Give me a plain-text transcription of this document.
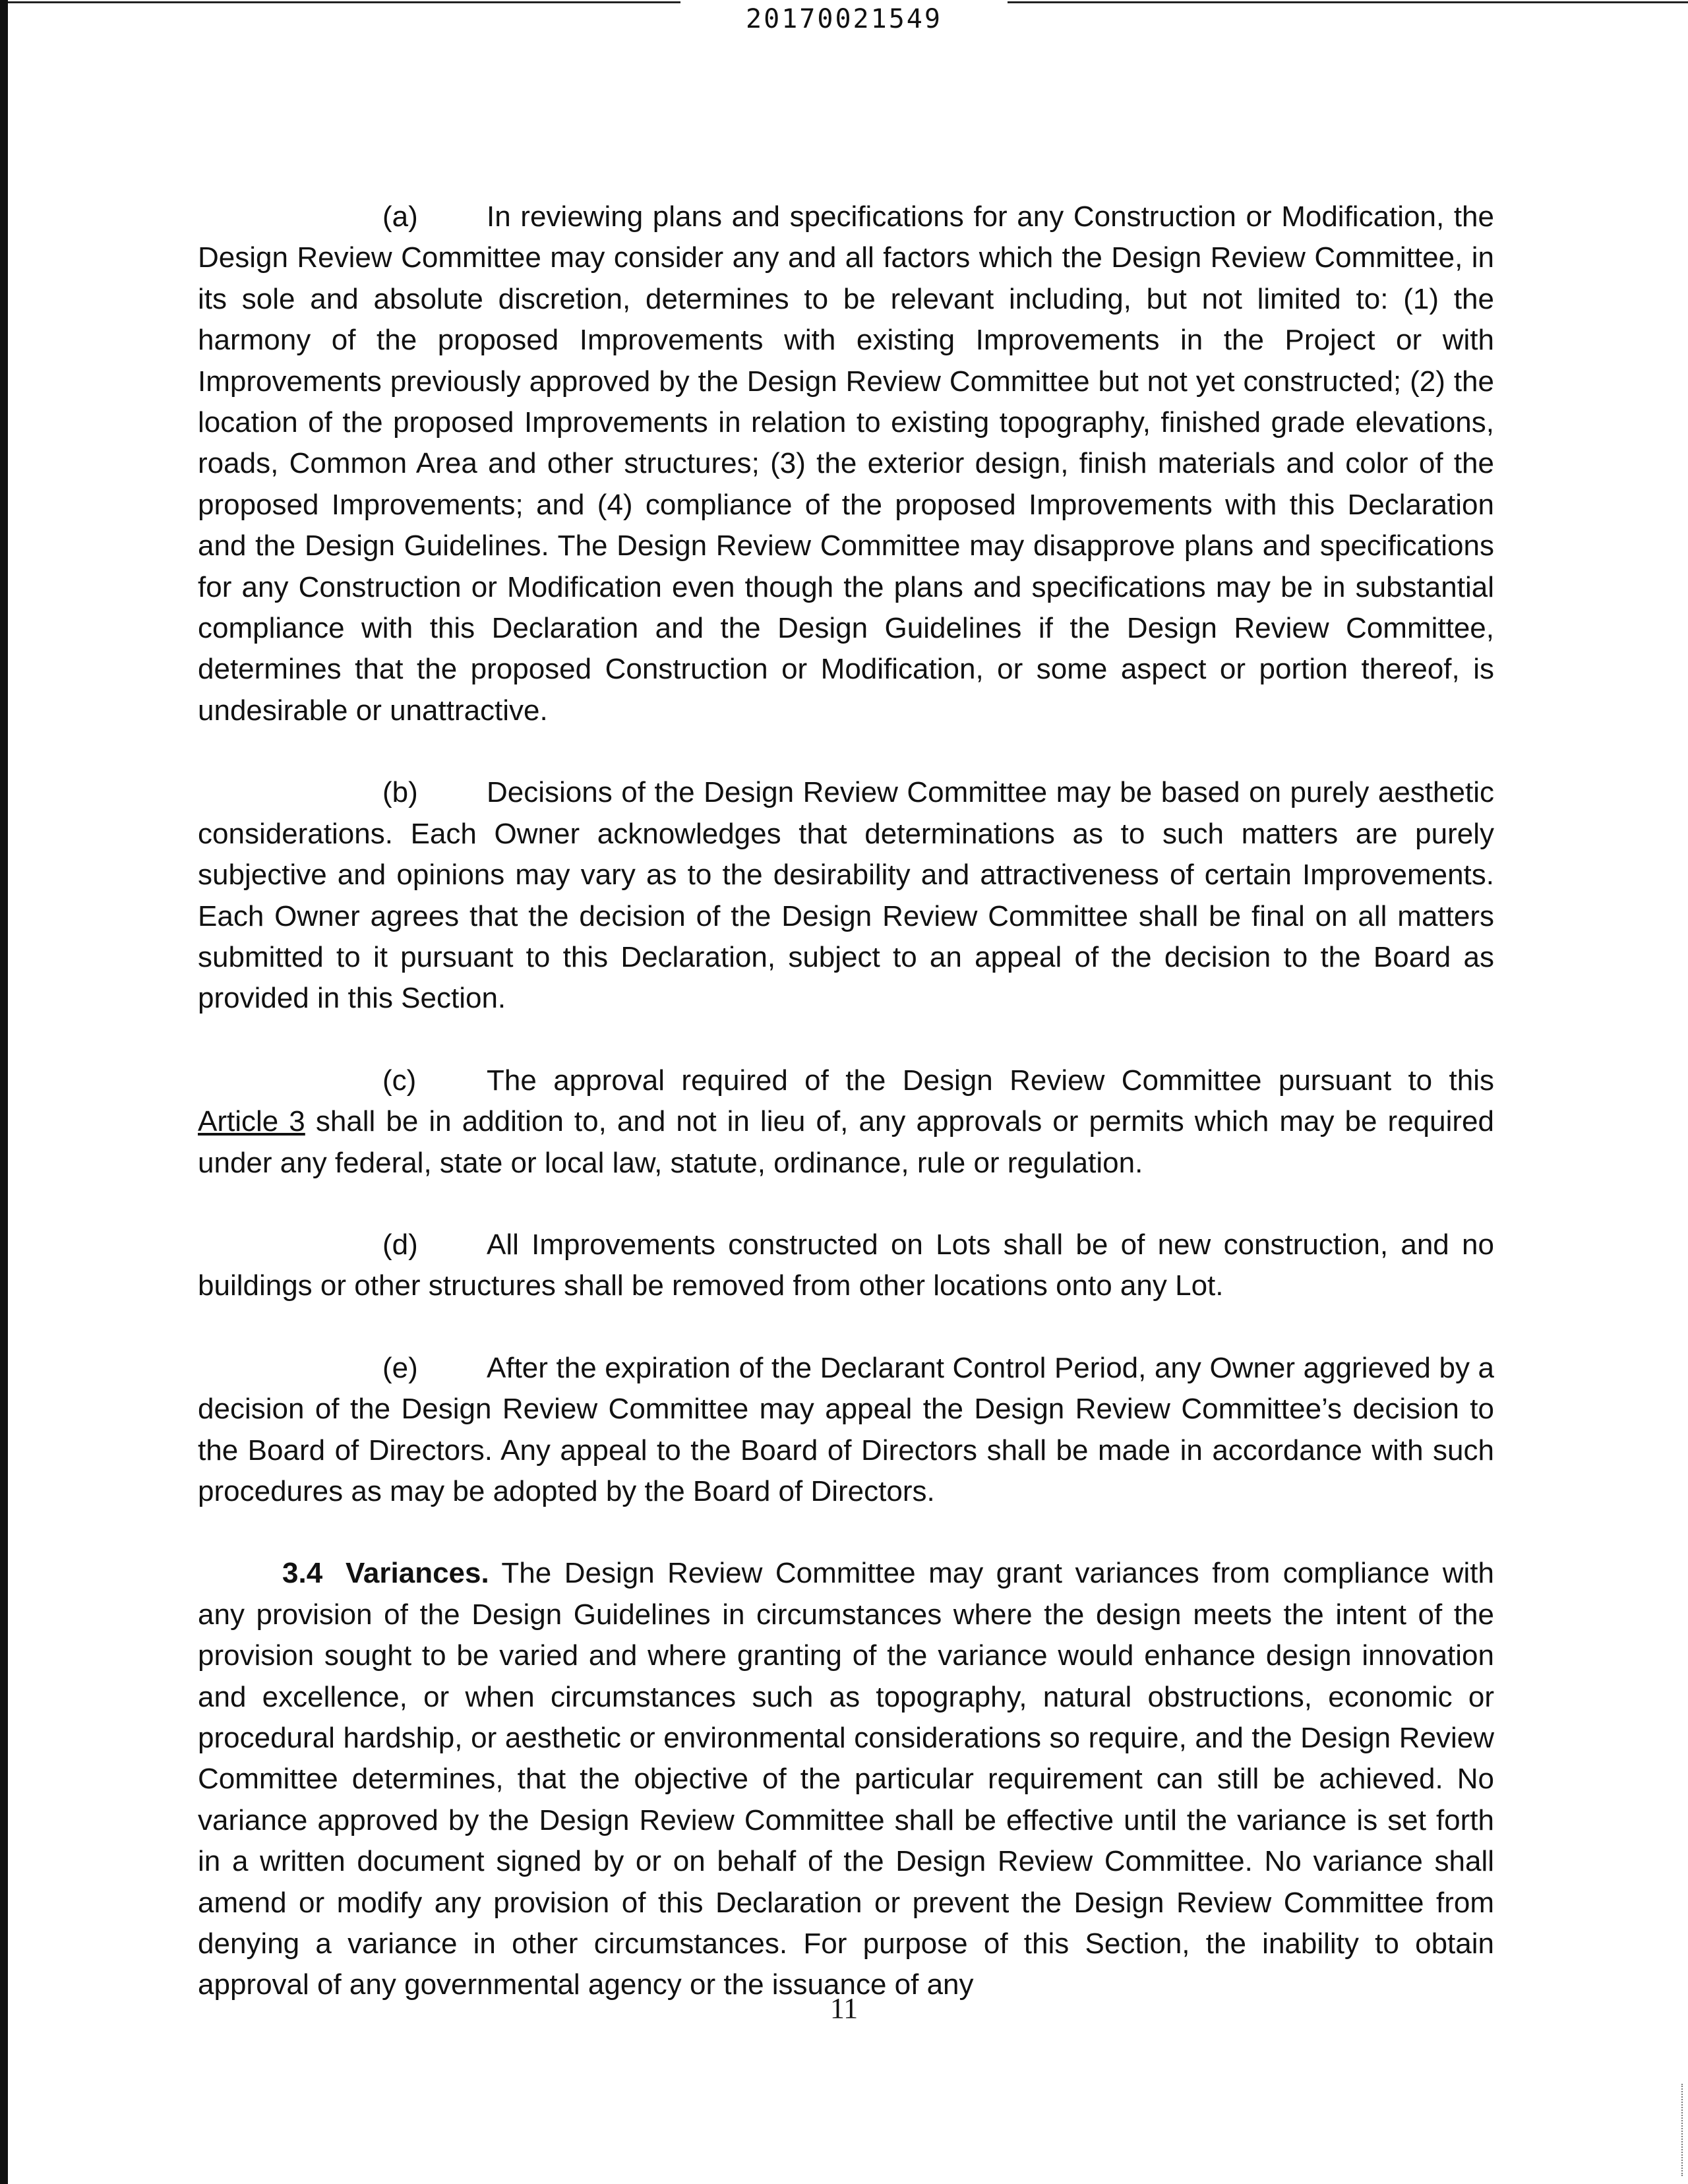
20170021549

(a) In reviewing plans and specifications for any Construction or Modification, the Design Review Committee may consider any and all factors which the Design Review Committee, in its sole and absolute discretion, determines to be relevant including, but not limited to: (1) the harmony of the proposed Improvements with existing Improvements in the Project or with Improvements previously approved by the Design Review Committee but not yet constructed; (2) the location of the proposed Improvements in relation to existing topography, finished grade elevations, roads, Common Area and other structures; (3) the exterior design, finish materials and color of the proposed Improvements; and (4) compliance of the proposed Improvements with this Declaration and the Design Guidelines. The Design Review Committee may disapprove plans and specifications for any Construction or Modification even though the plans and specifications may be in substantial compliance with this Declaration and the Design Guidelines if the Design Review Committee, determines that the proposed Construction or Modification, or some aspect or portion thereof, is undesirable or unattractive.

(b) Decisions of the Design Review Committee may be based on purely aesthetic considerations. Each Owner acknowledges that determinations as to such matters are purely subjective and opinions may vary as to the desirability and attractiveness of certain Improvements. Each Owner agrees that the decision of the Design Review Committee shall be final on all matters submitted to it pursuant to this Declaration, subject to an appeal of the decision to the Board as provided in this Section.

(c) The approval required of the Design Review Committee pursuant to this Article 3 shall be in addition to, and not in lieu of, any approvals or permits which may be required under any federal, state or local law, statute, ordinance, rule or regulation.

(d) All Improvements constructed on Lots shall be of new construction, and no buildings or other structures shall be removed from other locations onto any Lot.

(e) After the expiration of the Declarant Control Period, any Owner aggrieved by a decision of the Design Review Committee may appeal the Design Review Committee’s decision to the Board of Directors. Any appeal to the Board of Directors shall be made in accordance with such procedures as may be adopted by the Board of Directors.

3.4 Variances. The Design Review Committee may grant variances from compliance with any provision of the Design Guidelines in circumstances where the design meets the intent of the provision sought to be varied and where granting of the variance would enhance design innovation and excellence, or when circumstances such as topography, natural obstructions, economic or procedural hardship, or aesthetic or environmental considerations so require, and the Design Review Committee determines, that the objective of the particular requirement can still be achieved. No variance approved by the Design Review Committee shall be effective until the variance is set forth in a written document signed by or on behalf of the Design Review Committee. No variance shall amend or modify any provision of this Declaration or prevent the Design Review Committee from denying a variance in other circumstances. For purpose of this Section, the inability to obtain approval of any governmental agency or the issuance of any

11
